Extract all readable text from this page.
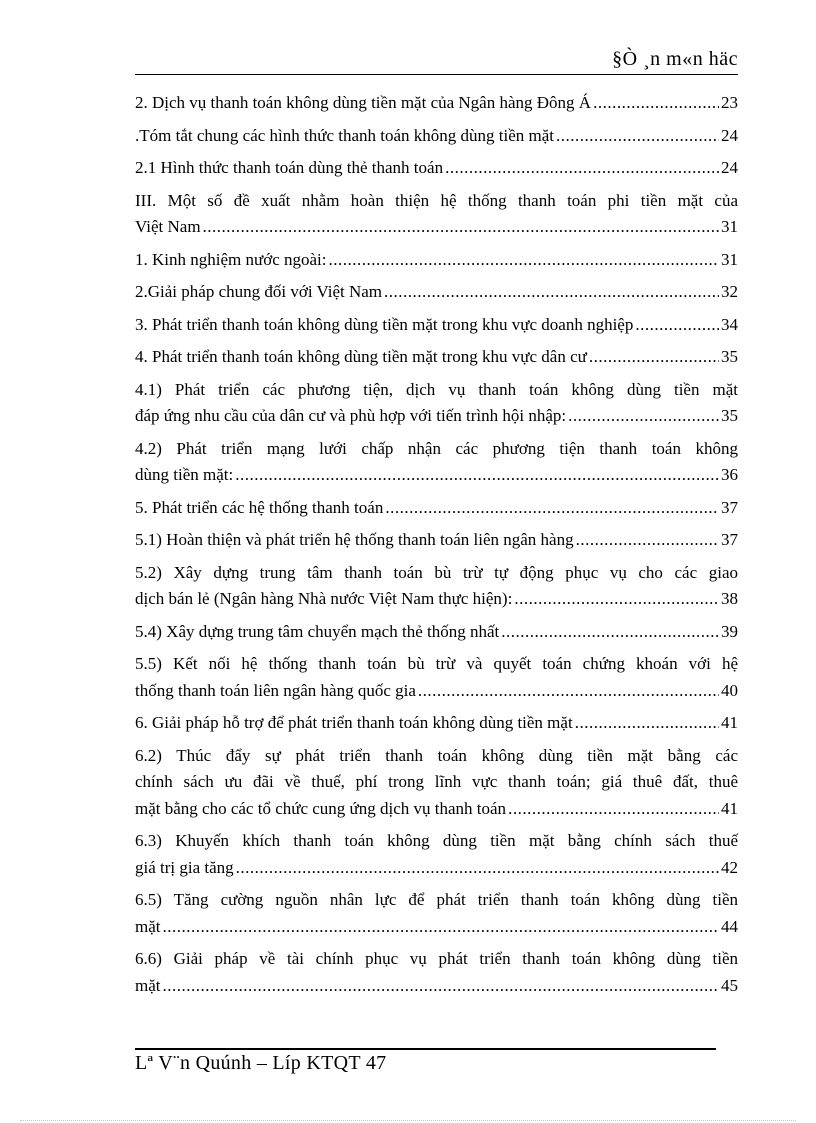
§Ò ¸n m«n häc
2. Dịch vụ thanh toán không dùng tiền mặt của Ngân hàng Đông Á .....	23
.Tóm tắt chung các hình thức thanh toán không dùng tiền mặt .....	24
2.1 Hình thức thanh toán dùng thẻ thanh toán .....	24
III. Một số đề xuất nhằm hoàn thiện hệ thống thanh toán phi tiền mặt của
Việt Nam .....	31
1. Kinh nghiệm nước ngoài: .....	31
2.Giải pháp chung đối với Việt Nam .....	32
3. Phát triển thanh toán không dùng tiền mặt trong khu vực doanh nghiệp .....	34
4. Phát triển thanh toán không dùng tiền mặt trong khu vực dân cư .....	35
4.1) Phát triển các phương tiện, dịch vụ thanh toán không dùng tiền mặt
đáp ứng nhu cầu của dân cư và phù hợp với tiến trình hội nhập: .....	35
4.2) Phát triển mạng lưới chấp nhận các phương tiện thanh toán không
dùng tiền mặt: .....	36
5. Phát triển các hệ thống thanh toán .....	37
5.1) Hoàn thiện và phát triển hệ thống thanh toán liên ngân hàng .....	37
5.2) Xây dựng trung tâm thanh toán bù trừ tự động phục vụ cho các giao
dịch bán lẻ (Ngân hàng Nhà nước Việt Nam thực hiện): .....	38
5.4) Xây dựng trung tâm chuyển mạch thẻ thống nhất .....	39
5.5) Kết nối hệ thống thanh toán bù trừ và quyết toán chứng khoán với hệ
thống thanh toán liên ngân hàng quốc gia .....	40
6. Giải pháp hỗ trợ để phát triển thanh toán không dùng tiền mặt .....	41
6.2) Thúc đẩy sự phát triển thanh toán không dùng tiền mặt bằng các
chính sách ưu đãi về thuế, phí trong lĩnh vực thanh toán; giá thuê đất, thuê
mặt bằng cho các tổ chức cung ứng dịch vụ thanh toán .....	41
6.3) Khuyến khích thanh toán không dùng tiền mặt bằng chính sách thuế
giá trị gia tăng .....	42
6.5) Tăng cường nguồn nhân lực để phát triển thanh toán không dùng tiền
mặt .....	44
6.6) Giải pháp về tài chính phục vụ phát triển thanh toán không dùng tiền
mặt .....	45
Lª V¨n Quúnh – Líp KTQT 47
